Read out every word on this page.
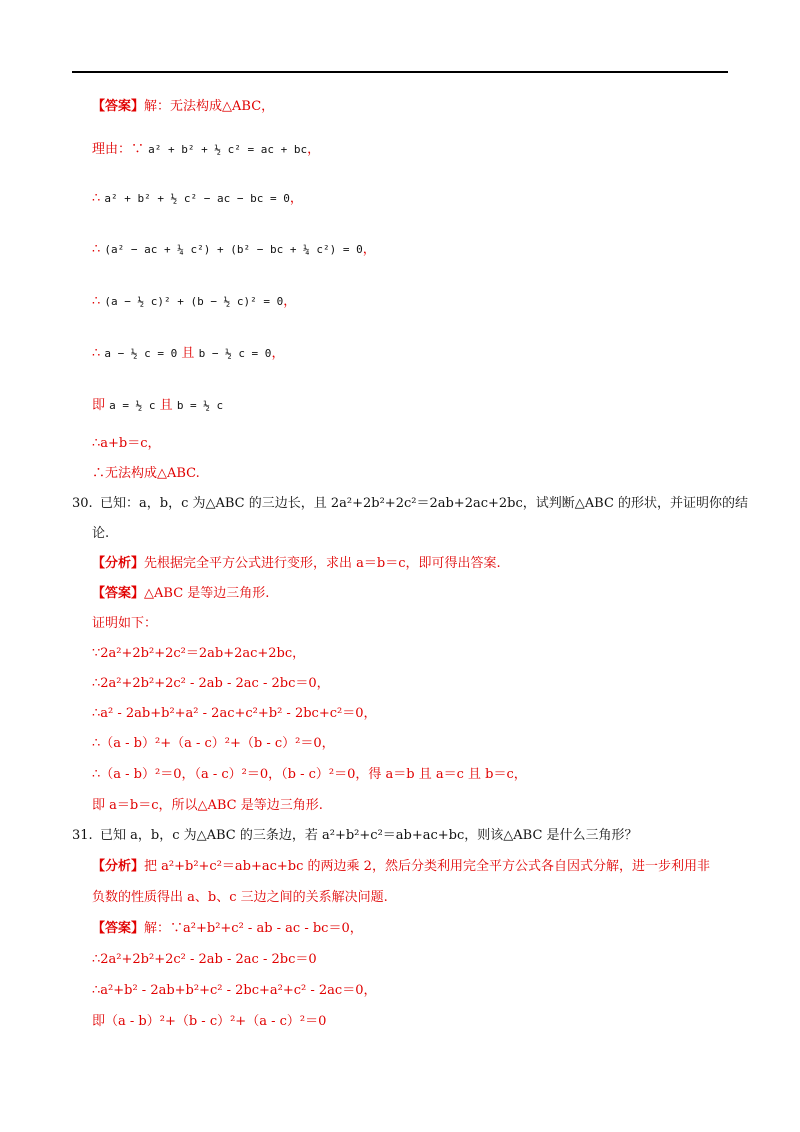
【答案】解：无法构成△ABC，
理由：∵ a² + b² + ½ c² = ac + bc，
∴ a² + b² + ½ c² − ac − bc = 0，
∴ (a² − ac + ¼ c²) + (b² − bc + ¼ c²) = 0，
∴ (a − ½ c)² + (b − ½ c)² = 0，
∴ a − ½ c = 0 且 b − ½ c = 0，
即 a = ½ c 且 b = ½ c
∴a+b＝c，
∴无法构成△ABC.
30. 已知：a，b，c 为△ABC 的三边长，且 2a²+2b²+2c²＝2ab+2ac+2bc，试判断△ABC 的形状，并证明你的结
论.
【分析】先根据完全平方公式进行变形，求出 a＝b＝c，即可得出答案.
【答案】△ABC 是等边三角形.
证明如下：
∵2a²+2b²+2c²＝2ab+2ac+2bc，
∴2a²+2b²+2c² - 2ab - 2ac - 2bc＝0，
∴a² - 2ab+b²+a² - 2ac+c²+b² - 2bc+c²＝0，
∴（a - b）²+（a - c）²+（b - c）²＝0，
∴（a - b）²＝0，（a - c）²＝0，（b - c）²＝0，得 a＝b 且 a＝c 且 b＝c，
即 a＝b＝c，所以△ABC 是等边三角形.
31. 已知 a，b，c 为△ABC 的三条边，若 a²+b²+c²＝ab+ac+bc，则该△ABC 是什么三角形？
【分析】把 a²+b²+c²＝ab+ac+bc 的两边乘 2，然后分类利用完全平方公式各自因式分解，进一步利用非
负数的性质得出 a、b、c 三边之间的关系解决问题.
【答案】解：∵a²+b²+c² - ab - ac - bc＝0，
∴2a²+2b²+2c² - 2ab - 2ac - 2bc＝0
∴a²+b² - 2ab+b²+c² - 2bc+a²+c² - 2ac＝0，
即（a - b）²+（b - c）²+（a - c）²＝0
